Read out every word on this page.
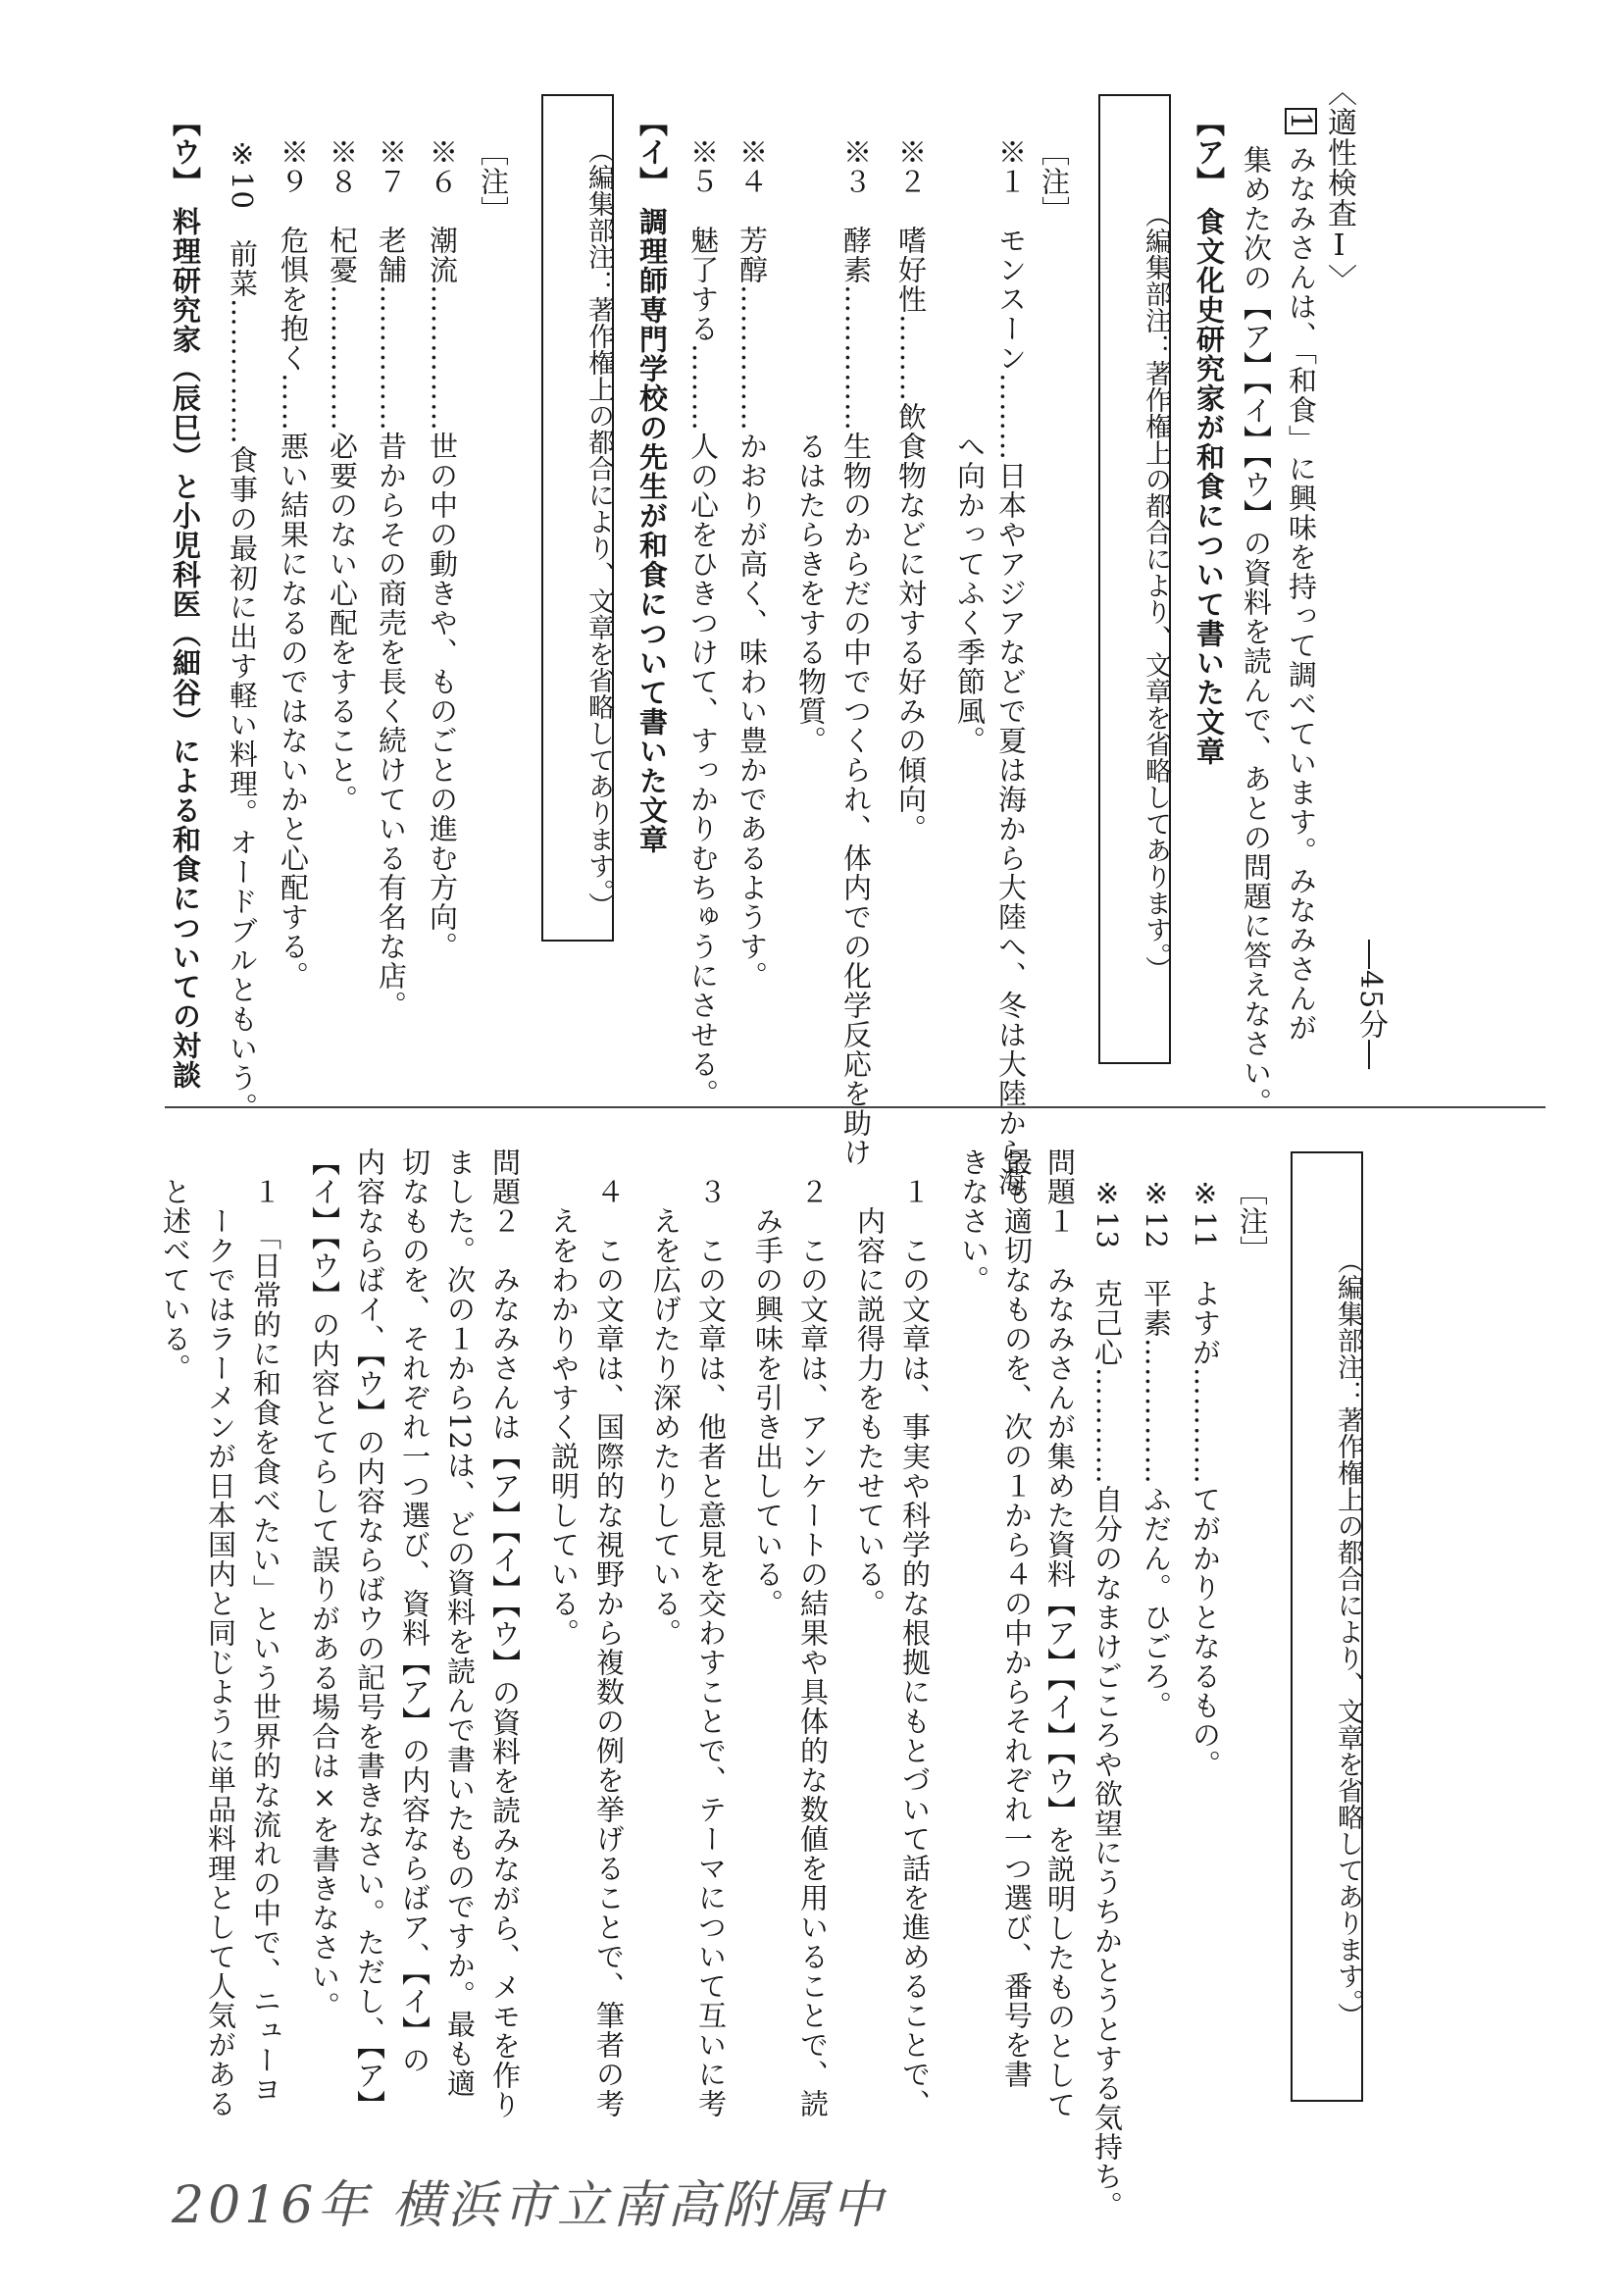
〈適性検査Ⅰ〉
―45分―
1みなみさんは、「和食」に興味を持って調べています。みなみさんが
集めた次の【ア】【イ】【ウ】の資料を読んで、あとの問題に答えなさい。
【ア】 食文化史研究家が和食について書いた文章
（編集部注：著作権上の都合により、文章を省略してあります。）
［注］
※１　モンスーン………日本やアジアなどで夏は海から大陸へ、冬は大陸から海
へ向かってふく季節風。
※２　嗜好性………飲食物などに対する好みの傾向。
※３　酵素……………生物のからだの中でつくられ、体内での化学反応を助け
るはたらきをする物質。
※４　芳醇……………かおりが高く、味わい豊かであるようす。
※５　魅了する………人の心をひきつけて、すっかりむちゅうにさせる。
【イ】 調理師専門学校の先生が和食について書いた文章
（編集部注：著作権上の都合により、文章を省略してあります。）
［注］
※６　潮流……………世の中の動きや、ものごとの進む方向。
※７　老舗……………昔からその商売を長く続けている有名な店。
※８　杞憂……………必要のない心配をすること。
※９　危惧を抱く……悪い結果になるのではないかと心配する。
※10　前菜……………食事の最初に出す軽い料理。オードブルともいう。
【ウ】 料理研究家（辰巳）と小児科医（細谷）による和食についての対談
（編集部注：著作権上の都合により、文章を省略してあります。）
［注］
※11　よすが…………てがかりとなるもの。
※12　平素……………ふだん。ひごろ。
※13　克己心…………自分のなまけごころや欲望にうちかとうとする気持ち。
問題１　みなみさんが集めた資料【ア】【イ】【ウ】を説明したものとして
最も適切なものを、次の１から４の中からそれぞれ一つ選び、番号を書
きなさい。
１　この文章は、事実や科学的な根拠にもとづいて話を進めることで、
内容に説得力をもたせている。
２　この文章は、アンケートの結果や具体的な数値を用いることで、読
み手の興味を引き出している。
３　この文章は、他者と意見を交わすことで、テーマについて互いに考
えを広げたり深めたりしている。
４　この文章は、国際的な視野から複数の例を挙げることで、筆者の考
えをわかりやすく説明している。
問題２　みなみさんは【ア】【イ】【ウ】の資料を読みながら、メモを作り
ました。次の１から12は、どの資料を読んで書いたものですか。最も適
切なものを、それぞれ一つ選び、資料【ア】の内容ならばア、【イ】の
内容ならばイ、【ウ】の内容ならばウの記号を書きなさい。ただし、【ア】
【イ】【ウ】の内容とてらして誤りがある場合は×を書きなさい。
１　「日常的に和食を食べたい」という世界的な流れの中で、ニューヨ
ークではラーメンが日本国内と同じように単品料理として人気がある
と述べている。
2016年 横浜市立南高附属中
